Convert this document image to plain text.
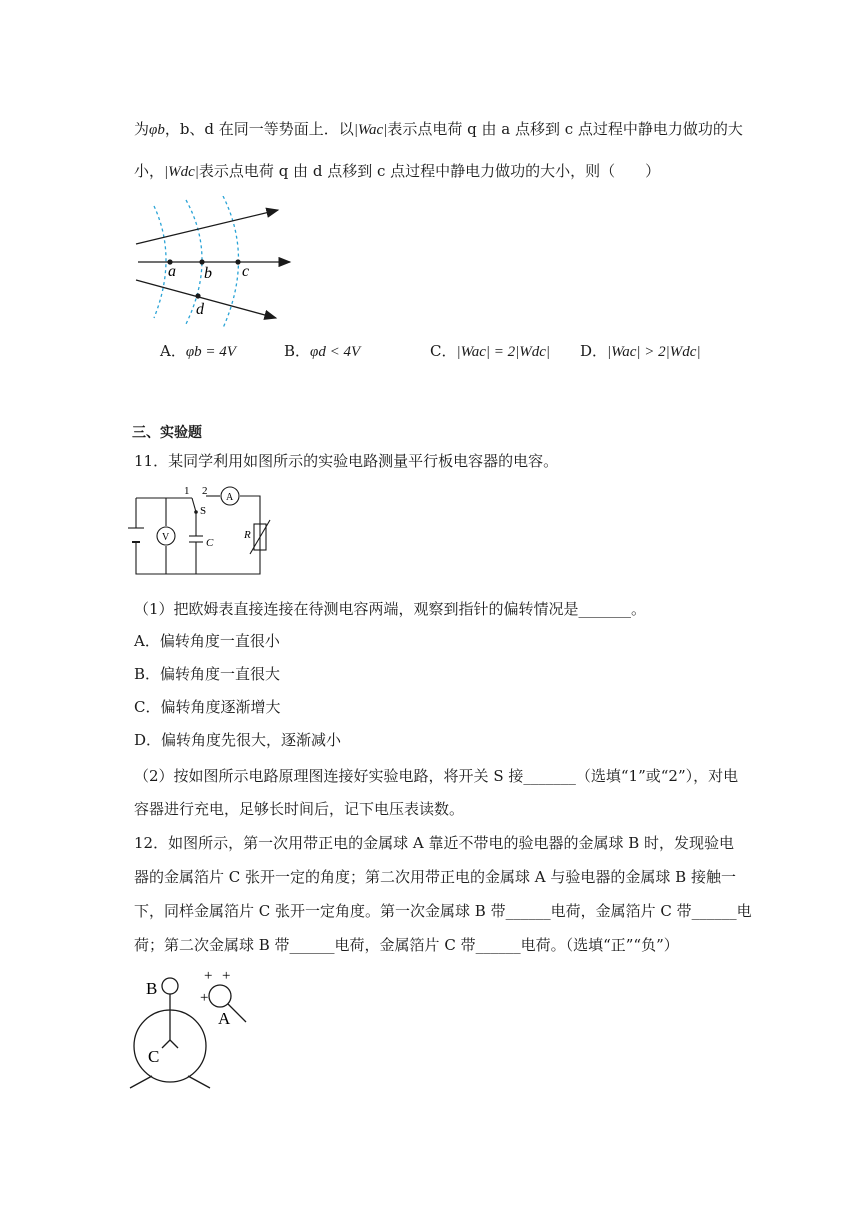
为φb，b、d 在同一等势面上．以|Wac|表示点电荷 q 由 a 点移到 c 点过程中静电力做功的大
小，|Wdc|表示点电荷 q 由 d 点移到 c 点过程中静电力做功的大小，则（　　）
a b c
d
A．φb = 4V	B．φd < 4V	C．|Wac| = 2|Wdc| D．|Wac| > 2|Wdc|
三、实验题
11．某同学利用如图所示的实验电路测量平行板电容器的电容。
1 2
S
A
V	C
R
（1）把欧姆表直接连接在待测电容两端，观察到指针的偏转情况是_______。
A．偏转角度一直很小
B．偏转角度一直很大
C．偏转角度逐渐增大
D．偏转角度先很大，逐渐减小
（2）按如图所示电路原理图连接好实验电路，将开关 S 接_______（选填“1”或“2”），对电
容器进行充电，足够长时间后，记下电压表读数。
12．如图所示，第一次用带正电的金属球 A 靠近不带电的验电器的金属球 B 时，发现验电
器的金属箔片 C 张开一定的角度；第二次用带正电的金属球 A 与验电器的金属球 B 接触一
下，同样金属箔片 C 张开一定角度。第一次金属球 B 带______电荷，金属箔片 C 带______电
荷；第二次金属球 B 带______电荷，金属箔片 C 带______电荷。（选填“正”“负”）
B
A
C
+ +
+
